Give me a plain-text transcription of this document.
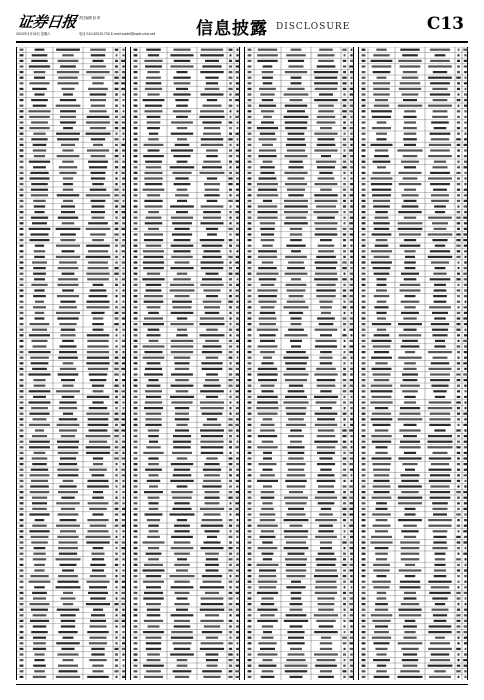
证券日报 责任编辑 彭 妍
2020年4月18日 星期六	电话 010-83251730 E-mail:zqrb9@zqrb.sina.net 信息披露 DISCLOSURE	C13
